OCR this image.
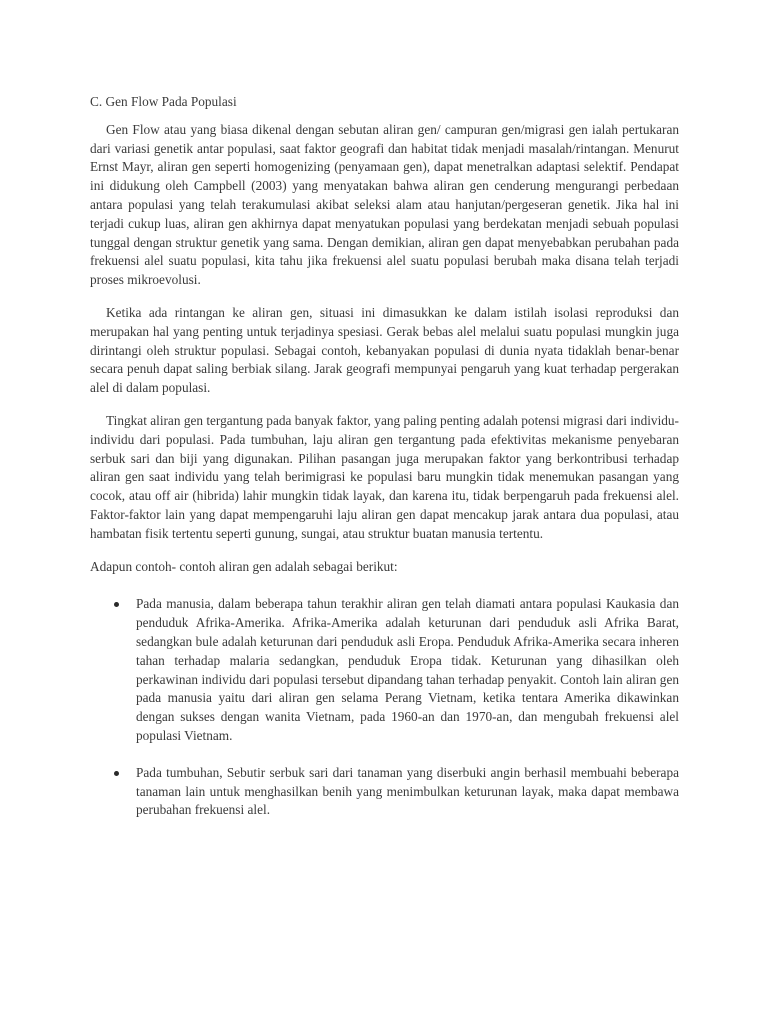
C. Gen Flow Pada Populasi

Gen Flow atau yang biasa dikenal dengan sebutan aliran gen/ campuran gen/migrasi gen ialah pertukaran dari variasi genetik antar populasi, saat faktor geografi dan habitat tidak menjadi masalah/rintangan. Menurut Ernst Mayr, aliran gen seperti homogenizing (penyamaan gen), dapat menetralkan adaptasi selektif. Pendapat ini didukung oleh Campbell (2003) yang menyatakan bahwa aliran gen cenderung mengurangi perbedaan antara populasi yang telah terakumulasi akibat seleksi alam atau hanjutan/pergeseran genetik. Jika hal ini terjadi cukup luas, aliran gen akhirnya dapat menyatukan populasi yang berdekatan menjadi sebuah populasi tunggal dengan struktur genetik yang sama. Dengan demikian, aliran gen dapat menyebabkan perubahan pada frekuensi alel suatu populasi, kita tahu jika frekuensi alel suatu populasi berubah maka disana telah terjadi proses mikroevolusi.

Ketika ada rintangan ke aliran gen, situasi ini dimasukkan ke dalam istilah isolasi reproduksi dan merupakan hal yang penting untuk terjadinya spesiasi. Gerak bebas alel melalui suatu populasi mungkin juga dirintangi oleh struktur populasi. Sebagai contoh, kebanyakan populasi di dunia nyata tidaklah benar-benar secara penuh dapat saling berbiak silang. Jarak geografi mempunyai pengaruh yang kuat terhadap pergerakan alel di dalam populasi.

Tingkat aliran gen tergantung pada banyak faktor, yang paling penting adalah potensi migrasi dari individu-individu dari populasi. Pada tumbuhan, laju aliran gen tergantung pada efektivitas mekanisme penyebaran serbuk sari dan biji yang digunakan. Pilihan pasangan juga merupakan faktor yang berkontribusi terhadap aliran gen saat individu yang telah berimigrasi ke populasi baru mungkin tidak menemukan pasangan yang cocok, atau off air (hibrida) lahir mungkin tidak layak, dan karena itu, tidak berpengaruh pada frekuensi alel. Faktor-faktor lain yang dapat mempengaruhi laju aliran gen dapat mencakup jarak antara dua populasi, atau hambatan fisik tertentu seperti gunung, sungai, atau struktur buatan manusia tertentu.

Adapun contoh- contoh aliran gen adalah sebagai berikut:

Pada manusia, dalam beberapa tahun terakhir aliran gen telah diamati antara populasi Kaukasia dan penduduk Afrika-Amerika. Afrika-Amerika adalah keturunan dari penduduk asli Afrika Barat, sedangkan bule adalah keturunan dari penduduk asli Eropa. Penduduk Afrika-Amerika secara inheren tahan terhadap malaria sedangkan, penduduk Eropa tidak. Keturunan yang dihasilkan oleh perkawinan individu dari populasi tersebut dipandang tahan terhadap penyakit. Contoh lain aliran gen pada manusia yaitu dari aliran gen selama Perang Vietnam, ketika tentara Amerika dikawinkan dengan sukses dengan wanita Vietnam, pada 1960-an dan 1970-an, dan mengubah frekuensi alel populasi Vietnam.
Pada tumbuhan, Sebutir serbuk sari dari tanaman yang diserbuki angin berhasil membuahi beberapa tanaman lain untuk menghasilkan benih yang menimbulkan keturunan layak, maka dapat membawa perubahan frekuensi alel.
